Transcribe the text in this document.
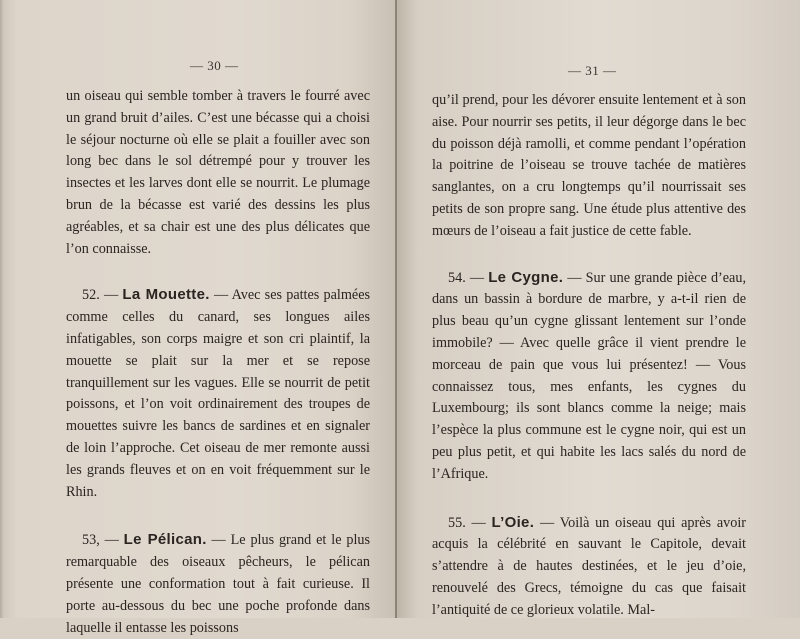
— 30 —

un oiseau qui semble tomber à travers le fourré avec un grand bruit d’ailes. C’est une bécasse qui a choisi le séjour nocturne où elle se plait a fouiller avec son long bec dans le sol détrempé pour y trouver les insectes et les larves dont elle se nourrit. Le plumage brun de la bécasse est varié des dessins les plus agréables, et sa chair est une des plus délicates que l’on connaisse.

52. — La Mouette. — Avec ses pattes palmées comme celles du canard, ses longues ailes infatigables, son corps maigre et son cri plaintif, la mouette se plait sur la mer et se repose tranquillement sur les vagues. Elle se nourrit de petit poissons, et l’on voit ordinairement des troupes de mouettes suivre les bancs de sardines et en signaler de loin l’approche. Cet oiseau de mer remonte aussi les grands fleuves et on en voit fréquemment sur le Rhin.

53, — Le Pélican. — Le plus grand et le plus remarquable des oiseaux pêcheurs, le pélican présente une conformation tout à fait curieuse. Il porte au-dessous du bec une poche profonde dans laquelle il entasse les poissons

— 31 —

qu’il prend, pour les dévorer ensuite lentement et à son aise. Pour nourrir ses petits, il leur dégorge dans le bec du poisson déjà ramolli, et comme pendant l’opération la poitrine de l’oiseau se trouve tachée de matières sanglantes, on a cru longtemps qu’il nourrissait ses petits de son propre sang. Une étude plus attentive des mœurs de l’oiseau a fait justice de cette fable.

54. — Le Cygne. — Sur une grande pièce d’eau, dans un bassin à bordure de marbre, y a-t-il rien de plus beau qu’un cygne glissant lentement sur l’onde immobile? — Avec quelle grâce il vient prendre le morceau de pain que vous lui présentez! — Vous connaissez tous, mes enfants, les cygnes du Luxembourg; ils sont blancs comme la neige; mais l’espèce la plus commune est le cygne noir, qui est un peu plus petit, et qui habite les lacs salés du nord de l’Afrique.

55. — L’Oie. — Voilà un oiseau qui après avoir acquis la célébrité en sauvant le Capitole, devait s’attendre à de hautes destinées, et le jeu d’oie, renouvelé des Grecs, témoigne du cas que faisait l’antiquité de ce glorieux volatile. Mal-
